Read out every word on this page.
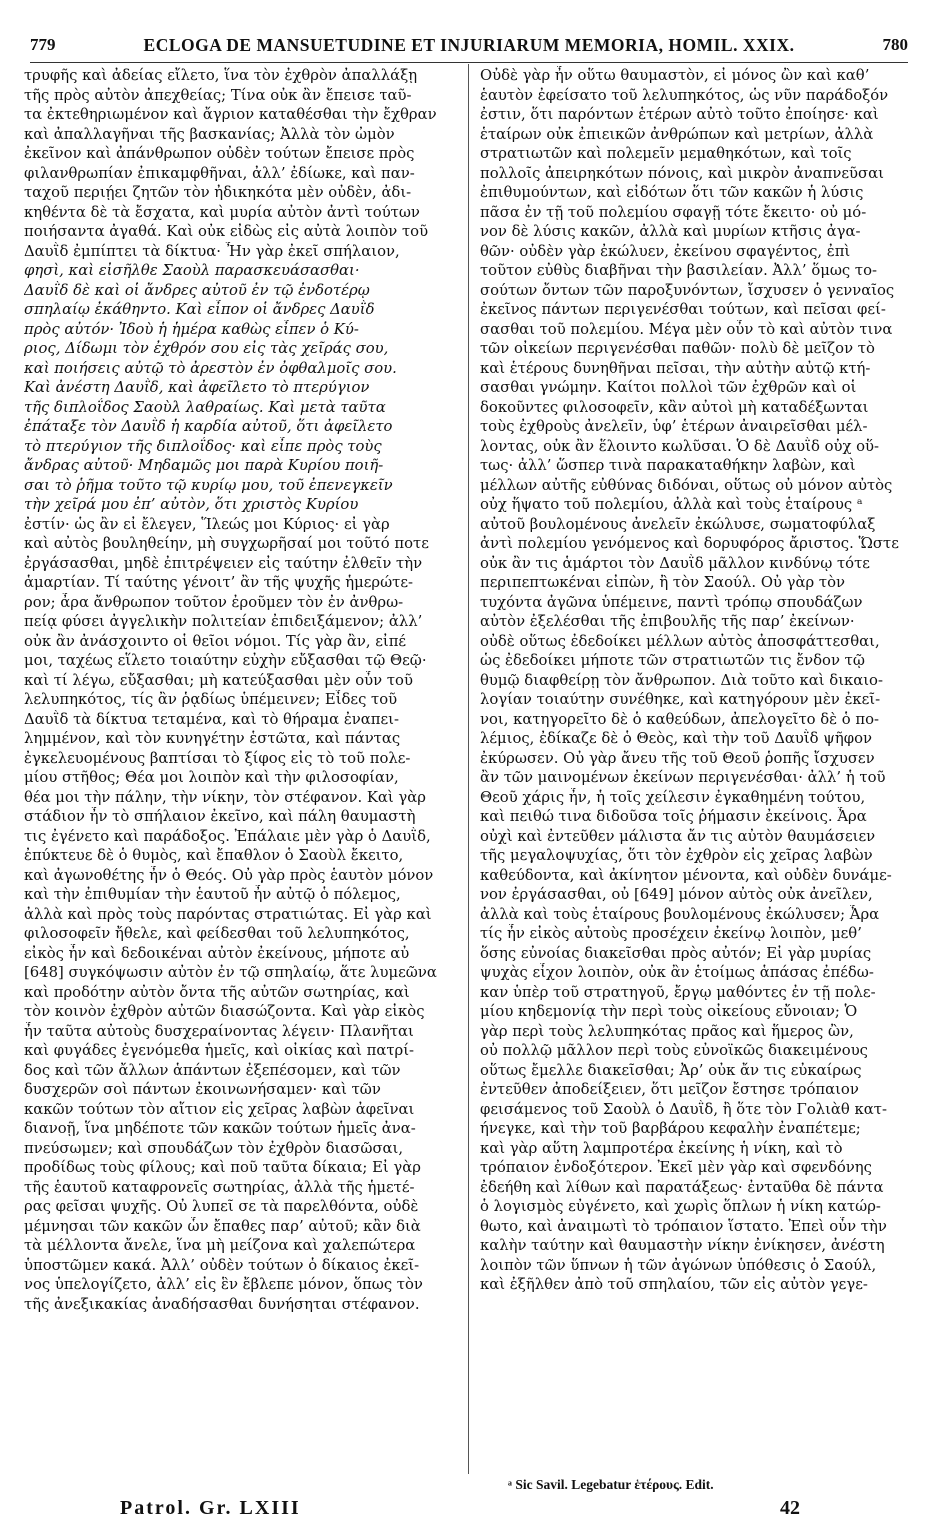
779	ECLOGA DE MANSUETUDINE ET INJURIARUM MEMORIA, HOMIL. XXIX.	780
τρυφῆς καὶ ἀδείας εἴλετο, ἵνα τὸν ἐχθρὸν ἀπαλλάξῃ
τῆς πρὸς αὐτὸν ἀπεχθείας; Τίνα οὐκ ἂν ἔπεισε ταῦ-
τα ἐκτεθηριωμένον καὶ ἄγριον καταθέσθαι τὴν ἔχθραν
καὶ ἀπαλλαγῆναι τῆς βασκανίας; Ἀλλὰ τὸν ὠμὸν
ἐκεῖνον καὶ ἀπάνθρωπον οὐδὲν τούτων ἔπεισε πρὸς
φιλανθρωπίαν ἐπικαμφθῆναι, ἀλλ’ ἐδίωκε, καὶ παν-
ταχοῦ περιῄει ζητῶν τὸν ἠδικηκότα μὲν οὐδὲν, ἀδι-
κηθέντα δὲ τὰ ἔσχατα, καὶ μυρία αὐτὸν ἀντὶ τούτων
ποιήσαντα ἀγαθά. Καὶ οὐκ εἰδὼς εἰς αὐτὰ λοιπὸν τοῦ
Δαυῒδ ἐμπίπτει τὰ δίκτυα· Ἦν γὰρ ἐκεῖ σπήλαιον,
φησὶ, καὶ εἰσῆλθε Σαοὺλ παρασκευάσασθαι·
Δαυῒδ δὲ καὶ οἱ ἄνδρες αὐτοῦ ἐν τῷ ἐνδοτέρῳ
σπηλαίῳ ἐκάθηντο. Καὶ εἶπον οἱ ἄνδρες Δαυῒδ
πρὸς αὐτόν· Ἰδοὺ ἡ ἡμέρα καθὼς εἶπεν ὁ Κύ-
ριος, Δίδωμι τὸν ἐχθρόν σου εἰς τὰς χεῖράς σου,
καὶ ποιήσεις αὐτῷ τὸ ἀρεστὸν ἐν ὀφθαλμοῖς σου.
Καὶ ἀνέστη Δαυῒδ, καὶ ἀφεῖλετο τὸ πτερύγιον
τῆς διπλοΐδος Σαοὺλ λαθραίως. Καὶ μετὰ ταῦτα
ἐπάταξε τὸν Δαυῒδ ἡ καρδία αὐτοῦ, ὅτι ἀφεῖλετο
τὸ πτερύγιον τῆς διπλοΐδος· καὶ εἶπε πρὸς τοὺς
ἄνδρας αὐτοῦ· Μηδαμῶς μοι παρὰ Κυρίου ποιῆ-
σαι τὸ ῥῆμα τοῦτο τῷ κυρίῳ μου, τοῦ ἐπενεγκεῖν
τὴν χεῖρά μου ἐπ’ αὐτὸν, ὅτι χριστὸς Κυρίου
ἐστίν· ὡς ἂν εἰ ἔλεγεν, Ἵλεώς μοι Κύριος· εἰ γὰρ
καὶ αὐτὸς βουληθείην, μὴ συγχωρῆσαί μοι τοῦτό ποτε
ἐργάσασθαι, μηδὲ ἐπιτρέψειεν εἰς ταύτην ἐλθεῖν τὴν
ἁμαρτίαν. Τί ταύτης γένοιτ’ ἂν τῆς ψυχῆς ἡμερώτε-
ρον; ἆρα ἄνθρωπον τοῦτον ἐροῦμεν τὸν ἐν ἀνθρω-
πείᾳ φύσει ἀγγελικὴν πολιτείαν ἐπιδειξάμενον; ἀλλ’
οὐκ ἂν ἀνάσχοιντο οἱ θεῖοι νόμοι. Τίς γὰρ ἂν, εἰπέ
μοι, ταχέως εἵλετο τοιαύτην εὐχὴν εὔξασθαι τῷ Θεῷ·
καὶ τί λέγω, εὔξασθαι; μὴ κατεύξασθαι μὲν οὖν τοῦ
λελυπηκότος, τίς ἂν ῥᾳδίως ὑπέμεινεν; Εἶδες τοῦ
Δαυῒδ τὰ δίκτυα τεταμένα, καὶ τὸ θήραμα ἐναπει-
λημμένον, καὶ τὸν κυνηγέτην ἑστῶτα, καὶ πάντας
ἐγκελευομένους βαπτίσαι τὸ ξίφος εἰς τὸ τοῦ πολε-
μίου στῆθος; Θέα μοι λοιπὸν καὶ τὴν φιλοσοφίαν,
θέα μοι τὴν πάλην, τὴν νίκην, τὸν στέφανον. Καὶ γὰρ
στάδιον ἦν τὸ σπήλαιον ἐκεῖνο, καὶ πάλη θαυμαστὴ
τις ἐγένετο καὶ παράδοξος. Ἐπάλαιε μὲν γὰρ ὁ Δαυῒδ,
ἐπύκτευε δὲ ὁ θυμὸς, καὶ ἔπαθλον ὁ Σαοὺλ ἔκειτο,
καὶ ἀγωνοθέτης ἦν ὁ Θεός. Οὐ γὰρ πρὸς ἑαυτὸν μόνον
καὶ τὴν ἐπιθυμίαν τὴν ἑαυτοῦ ἦν αὐτῷ ὁ πόλεμος,
ἀλλὰ καὶ πρὸς τοὺς παρόντας στρατιώτας. Εἰ γὰρ καὶ
φιλοσοφεῖν ἤθελε, καὶ φείδεσθαι τοῦ λελυπηκότος,
εἰκὸς ἦν καὶ δεδοικέναι αὐτὸν ἐκείνους, μήποτε αὐ
[648] συγκόψωσιν αὐτὸν ἐν τῷ σπηλαίῳ, ἅτε λυμεῶνα
καὶ προδότην αὐτὸν ὄντα τῆς αὐτῶν σωτηρίας, καὶ
τὸν κοινὸν ἐχθρὸν αὐτῶν διασώζοντα. Καὶ γὰρ εἰκὸς
ἦν ταῦτα αὐτοὺς δυσχεραίνοντας λέγειν· Πλανῆται
καὶ φυγάδες ἐγενόμεθα ἡμεῖς, καὶ οἰκίας καὶ πατρί-
δος καὶ τῶν ἄλλων ἁπάντων ἐξεπέσομεν, καὶ τῶν
δυσχερῶν σοὶ πάντων ἐκοινωνήσαμεν· καὶ τῶν
κακῶν τούτων τὸν αἴτιον εἰς χεῖρας λαβὼν ἀφεῖναι
διανοῇ, ἵνα μηδέποτε τῶν κακῶν τούτων ἡμεῖς ἀνα-
πνεύσωμεν; καὶ σπουδάζων τὸν ἐχθρὸν διασῶσαι,
προδίδως τοὺς φίλους; καὶ ποῦ ταῦτα δίκαια; Εἰ γὰρ
τῆς ἑαυτοῦ καταφρονεῖς σωτηρίας, ἀλλὰ τῆς ἡμετέ-
ρας φεῖσαι ψυχῆς. Οὐ λυπεῖ σε τὰ παρελθόντα, οὐδὲ
μέμνησαι τῶν κακῶν ὧν ἔπαθες παρ’ αὐτοῦ; κἂν διὰ
τὰ μέλλοντα ἄνελε, ἵνα μὴ μείζονα καὶ χαλεπώτερα
ὑποστῶμεν κακά. Ἀλλ’ οὐδὲν τούτων ὁ δίκαιος ἐκεῖ-
νος ὑπελογίζετο, ἀλλ’ εἰς ἓν ἔβλεπε μόνον, ὅπως τὸν
τῆς ἀνεξικακίας ἀναδήσασθαι δυνήσηται στέφανον.
Οὐδὲ γὰρ ἦν οὕτω θαυμαστὸν, εἰ μόνος ὢν καὶ καθ’
ἑαυτὸν ἐφείσατο τοῦ λελυπηκότος, ὡς νῦν παράδοξόν
ἐστιν, ὅτι παρόντων ἑτέρων αὐτὸ τοῦτο ἐποίησε· καὶ
ἑταίρων οὐκ ἐπιεικῶν ἀνθρώπων καὶ μετρίων, ἀλλὰ
στρατιωτῶν καὶ πολεμεῖν μεμαθηκότων, καὶ τοῖς
πολλοῖς ἀπειρηκότων πόνοις, καὶ μικρὸν ἀναπνεῦσαι
ἐπιθυμούντων, καὶ εἰδότων ὅτι τῶν κακῶν ἡ λύσις
πᾶσα ἐν τῇ τοῦ πολεμίου σφαγῇ τότε ἔκειτο· οὐ μό-
νον δὲ λύσις κακῶν, ἀλλὰ καὶ μυρίων κτῆσις ἀγα-
θῶν· οὐδὲν γὰρ ἐκώλυεν, ἐκείνου σφαγέντος, ἐπὶ
τοῦτον εὐθὺς διαβῆναι τὴν βασιλείαν. Ἀλλ’ ὅμως το-
σούτων ὄντων τῶν παροξυνόντων, ἴσχυσεν ὁ γενναῖος
ἐκεῖνος πάντων περιγενέσθαι τούτων, καὶ πεῖσαι φεί-
σασθαι τοῦ πολεμίου. Μέγα μὲν οὖν τὸ καὶ αὐτὸν τινα
τῶν οἰκείων περιγενέσθαι παθῶν· πολὺ δὲ μεῖζον τὸ
καὶ ἑτέρους δυνηθῆναι πεῖσαι, τὴν αὐτὴν αὐτῷ κτή-
σασθαι γνώμην. Καίτοι πολλοὶ τῶν ἐχθρῶν καὶ οἱ
δοκοῦντες φιλοσοφεῖν, κἂν αὐτοὶ μὴ καταδέξωνται
τοὺς ἐχθροὺς ἀνελεῖν, ὑφ’ ἑτέρων ἀναιρεῖσθαι μέλ-
λοντας, οὐκ ἂν ἕλοιντο κωλῦσαι. Ὁ δὲ Δαυῒδ οὐχ οὕ-
τως· ἀλλ’ ὥσπερ τινὰ παρακαταθήκην λαβὼν, καὶ
μέλλων αὐτῆς εὐθύνας διδόναι, οὕτως οὐ μόνον αὐτὸς
οὐχ ἥψατο τοῦ πολεμίου, ἀλλὰ καὶ τοὺς ἑταίρους ᵃ
αὐτοῦ βουλομένους ἀνελεῖν ἐκώλυσε, σωματοφύλαξ
ἀντὶ πολεμίου γενόμενος καὶ δορυφόρος ἄριστος. Ὥστε
οὐκ ἂν τις ἁμάρτοι τὸν Δαυῒδ μᾶλλον κινδύνῳ τότε
περιπεπτωκέναι εἰπὼν, ἢ τὸν Σαούλ. Οὐ γὰρ τὸν
τυχόντα ἀγῶνα ὑπέμεινε, παντὶ τρόπῳ σπουδάζων
αὐτὸν ἐξελέσθαι τῆς ἐπιβουλῆς τῆς παρ’ ἐκείνων·
οὐδὲ οὕτως ἐδεδοίκει μέλλων αὐτὸς ἀποσφάττεσθαι,
ὡς ἐδεδοίκει μήποτε τῶν στρατιωτῶν τις ἔνδον τῷ
θυμῷ διαφθείρῃ τὸν ἄνθρωπον. Διὰ τοῦτο καὶ δικαιο-
λογίαν τοιαύτην συνέθηκε, καὶ κατηγόρουν μὲν ἐκεῖ-
νοι, κατηγορεῖτο δὲ ὁ καθεύδων, ἀπελογεῖτο δὲ ὁ πο-
λέμιος, ἐδίκαζε δὲ ὁ Θεὸς, καὶ τὴν τοῦ Δαυῒδ ψῆφον
ἐκύρωσεν. Οὐ γὰρ ἄνευ τῆς τοῦ Θεοῦ ῥοπῆς ἴσχυσεν
ἂν τῶν μαινομένων ἐκείνων περιγενέσθαι· ἀλλ’ ἡ τοῦ
Θεοῦ χάρις ἦν, ἡ τοῖς χείλεσιν ἐγκαθημένη τούτου,
καὶ πειθώ τινα διδοῦσα τοῖς ῥήμασιν ἐκείνοις. Ἆρα
οὐχὶ καὶ ἐντεῦθεν μάλιστα ἄν τις αὐτὸν θαυμάσειεν
τῆς μεγαλοψυχίας, ὅτι τὸν ἐχθρὸν εἰς χεῖρας λαβὼν
καθεύδοντα, καὶ ἀκίνητον μένοντα, καὶ οὐδὲν δυνάμε-
νον ἐργάσασθαι, οὐ [649] μόνον αὐτὸς οὐκ ἀνεῖλεν,
ἀλλὰ καὶ τοὺς ἑταίρους βουλομένους ἐκώλυσεν; Ἆρα
τίς ἦν εἰκὸς αὐτοὺς προσέχειν ἐκείνῳ λοιπὸν, μεθ’
ὅσης εὐνοίας διακεῖσθαι πρὸς αὐτόν; Εἰ γὰρ μυρίας
ψυχὰς εἶχον λοιπὸν, οὐκ ἂν ἑτοίμως ἁπάσας ἐπέδω-
καν ὑπὲρ τοῦ στρατηγοῦ, ἔργῳ μαθόντες ἐν τῇ πολε-
μίου κηδεμονίᾳ τὴν περὶ τοὺς οἰκείους εὔνοιαν; Ὁ
γὰρ περὶ τοὺς λελυπηκότας πρᾶος καὶ ἥμερος ὢν,
οὐ πολλῷ μᾶλλον περὶ τοὺς εὐνοϊκῶς διακειμένους
οὕτως ἔμελλε διακεῖσθαι; Ἀρ’ οὐκ ἄν τις εὐκαίρως
ἐντεῦθεν ἀποδείξειεν, ὅτι μεῖζον ἔστησε τρόπαιον
φεισάμενος τοῦ Σαοὺλ ὁ Δαυῒδ, ἢ ὅτε τὸν Γολιὰθ κατ-
ήνεγκε, καὶ τὴν τοῦ βαρβάρου κεφαλὴν ἐναπέτεμε;
καὶ γὰρ αὕτη λαμπροτέρα ἐκείνης ἡ νίκη, καὶ τὸ
τρόπαιον ἐνδοξότερον. Ἐκεῖ μὲν γὰρ καὶ σφενδόνης
ἐδεήθη καὶ λίθων καὶ παρατάξεως· ἐνταῦθα δὲ πάντα
ὁ λογισμὸς εὐγένετο, καὶ χωρὶς ὅπλων ἡ νίκη κατώρ-
θωτο, καὶ ἀναιμωτὶ τὸ τρόπαιον ἵστατο. Ἐπεὶ οὖν τὴν
καλὴν ταύτην καὶ θαυμαστὴν νίκην ἐνίκησεν, ἀνέστη
λοιπὸν τῶν ὕπνων ἡ τῶν ἀγώνων ὑπόθεσις ὁ Σαούλ,
καὶ ἐξῆλθεν ἀπὸ τοῦ σπηλαίου, τῶν εἰς αὐτὸν γεγε-
ᵃ Sic Savil. Legebatur ἑτέρους. Edit.
Patrol. Gr. LXIII	42
